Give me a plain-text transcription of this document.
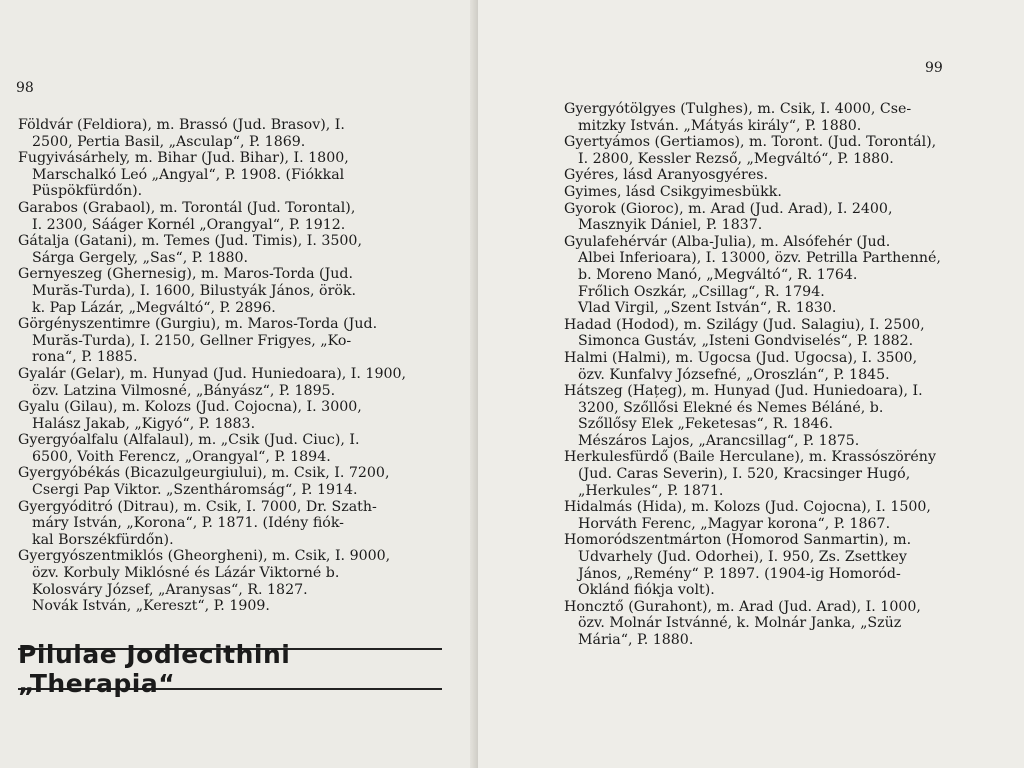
98
Földvár (Feldiora), m. Brassó (Jud. Brasov), I.
2500, Pertia Basil, „Asculap“, P. 1869.
Fugyivásárhely, m. Bihar (Jud. Bihar), I. 1800,
Marschalkó Leó „Angyal“, P. 1908. (Fiókkal
Püspökfürdőn).
Garabos (Grabaol), m. Torontál (Jud. Torontal),
I. 2300, Sááger Kornél „Orangyal“, P. 1912.
Gátalja (Gatani), m. Temes (Jud. Timis), I. 3500,
Sárga Gergely, „Sas“, P. 1880.
Gernyeszeg (Ghernesig), m. Maros-Torda (Jud.
Murăs-Turda), I. 1600, Bilustyák János, örök.
k. Pap Lázár, „Megváltó“, P. 2896.
Görgényszentimre (Gurgiu), m. Maros-Torda (Jud.
Murăs-Turda), I. 2150, Gellner Frigyes, „Ko-
rona“, P. 1885.
Gyalár (Gelar), m. Hunyad (Jud. Huniedoara), I. 1900,
özv. Latzina Vilmosné, „Bányász“, P. 1895.
Gyalu (Gilau), m. Kolozs (Jud. Cojocna), I. 3000,
Halász Jakab, „Kigyó“, P. 1883.
Gyergyóalfalu (Alfalaul), m. „Csik (Jud. Ciuc), I.
6500, Voith Ferencz, „Orangyal“, P. 1894.
Gyergyóbékás (Bicazulgeurgiului), m. Csik, I. 7200,
Csergi Pap Viktor. „Szentháromság“, P. 1914.
Gyergyóditró (Ditrau), m. Csik, I. 7000, Dr. Szath-
máry István, „Korona“, P. 1871. (Idény fiók-
kal Borszékfürdőn).
Gyergyószentmiklós (Gheorgheni), m. Csik, I. 9000,
özv. Korbuly Miklósné és Lázár Viktorné b.
Kolosváry József, „Aranysas“, R. 1827.
Novák István, „Kereszt“, P. 1909.
Pilulae Jodlecithini „Therapia“
99
Gyergyótölgyes (Tulghes), m. Csik, I. 4000, Cse-
mitzky István. „Mátyás király“, P. 1880.
Gyertyámos (Gertiamos), m. Toront. (Jud. Torontál),
I. 2800, Kessler Rezső, „Megváltó“, P. 1880.
Gyéres, lásd Aranyosgyéres.
Gyimes, lásd Csikgyimesbükk.
Gyorok (Gioroc), m. Arad (Jud. Arad), I. 2400,
Masznyik Dániel, P. 1837.
Gyulafehérvár (Alba-Julia), m. Alsófehér (Jud.
Albei Inferioara), I. 13000, özv. Petrilla Parthenné,
b. Moreno Manó, „Megváltó“, R. 1764.
Frőlich Oszkár, „Csillag“, R. 1794.
Vlad Virgil, „Szent István“, R. 1830.
Hadad (Hodod), m. Szilágy (Jud. Salagiu), I. 2500,
Simonca Gustáv, „Isteni Gondviselés“, P. 1882.
Halmi (Halmi), m. Ugocsa (Jud. Ugocsa), I. 3500,
özv. Kunfalvy Józsefné, „Oroszlán“, P. 1845.
Hátszeg (Hațeg), m. Hunyad (Jud. Huniedoara), I.
3200, Szőllősi Elekné és Nemes Béláné, b.
Szőllősy Elek „Feketesas“, R. 1846.
Mészáros Lajos, „Arancsillag“, P. 1875.
Herkulesfürdő (Baile Herculane), m. Krassószörény
(Jud. Caras Severin), I. 520, Kracsinger Hugó,
„Herkules“, P. 1871.
Hidalmás (Hida), m. Kolozs (Jud. Cojocna), I. 1500,
Horváth Ferenc, „Magyar korona“, P. 1867.
Homoródszentmárton (Homorod Sanmartin), m.
Udvarhely (Jud. Odorhei), I. 950, Zs. Zsettkey
János, „Remény“ P. 1897. (1904-ig Homoród-
Oklánd fiókja volt).
Honcztő (Gurahont), m. Arad (Jud. Arad), I. 1000,
özv. Molnár Istvánné, k. Molnár Janka, „Szüz
Mária“, P. 1880.
